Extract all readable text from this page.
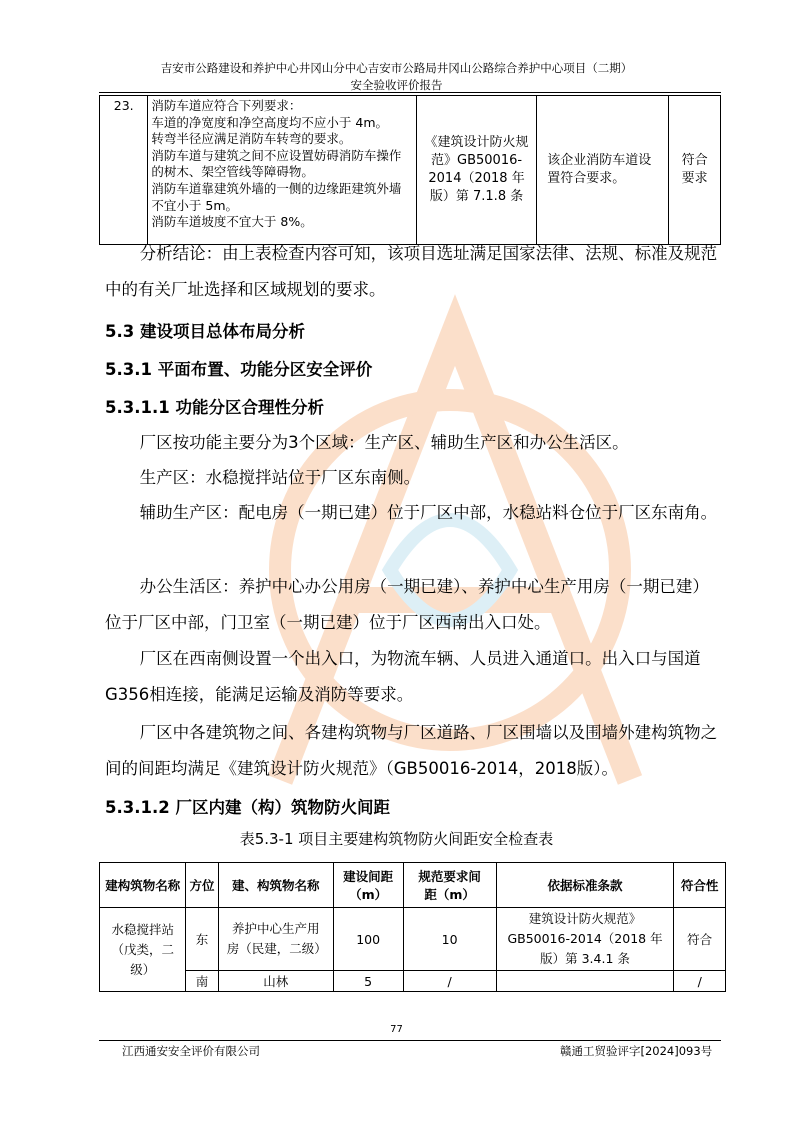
吉安市公路建设和养护中心井冈山分中心吉安市公路局井冈山公路综合养护中心项目（二期）
安全验收评价报告
23.	消防车道应符合下列要求：
车道的净宽度和净空高度均不应小于 4m。
转弯半径应满足消防车转弯的要求。
消防车道与建筑之间不应设置妨碍消防车操作
的树木、架空管线等障碍物。
消防车道靠建筑外墙的一侧的边缘距建筑外墙
不宜小于 5m。
消防车道坡度不宜大于 8%。
	《建筑设计防火规范》GB50016-2014（2018 年版）第 7.1.8 条	该企业消防车道设置符合要求。	符合要求
分析结论：由上表检查内容可知，该项目选址满足国家法律、法规、标准及规范中的有关厂址选择和区域规划的要求。
5.3 建设项目总体布局分析
5.3.1 平面布置、功能分区安全评价
5.3.1.1 功能分区合理性分析
厂区按功能主要分为3个区域：生产区、辅助生产区和办公生活区。
生产区：水稳搅拌站位于厂区东南侧。
辅助生产区：配电房（一期已建）位于厂区中部，水稳站料仓位于厂区东南角。
办公生活区：养护中心办公用房（一期已建）、养护中心生产用房（一期已建）位于厂区中部，门卫室（一期已建）位于厂区西南出入口处。
厂区在西南侧设置一个出入口，为物流车辆、人员进入通道口。出入口与国道G356相连接，能满足运输及消防等要求。
厂区中各建筑物之间、各建构筑物与厂区道路、厂区围墙以及围墙外建构筑物之间的间距均满足《建筑设计防火规范》（GB50016-2014，2018版）。
5.3.1.2 厂区内建（构）筑物防火间距
表5.3-1 项目主要建构筑物防火间距安全检查表
建构筑物名称	方位	建、构筑物名称	建设间距（m）	规范要求间距（m）	依据标准条款	符合性
水稳搅拌站（戊类，二级）	东	养护中心生产用房（民建，二级）	100	10	建筑设计防火规范》GB50016-2014（2018 年版）第 3.4.1 条	符合
	南	山林	5	/		/
77
江西通安安全评价有限公司	赣通工贸验评字[2024]093号
